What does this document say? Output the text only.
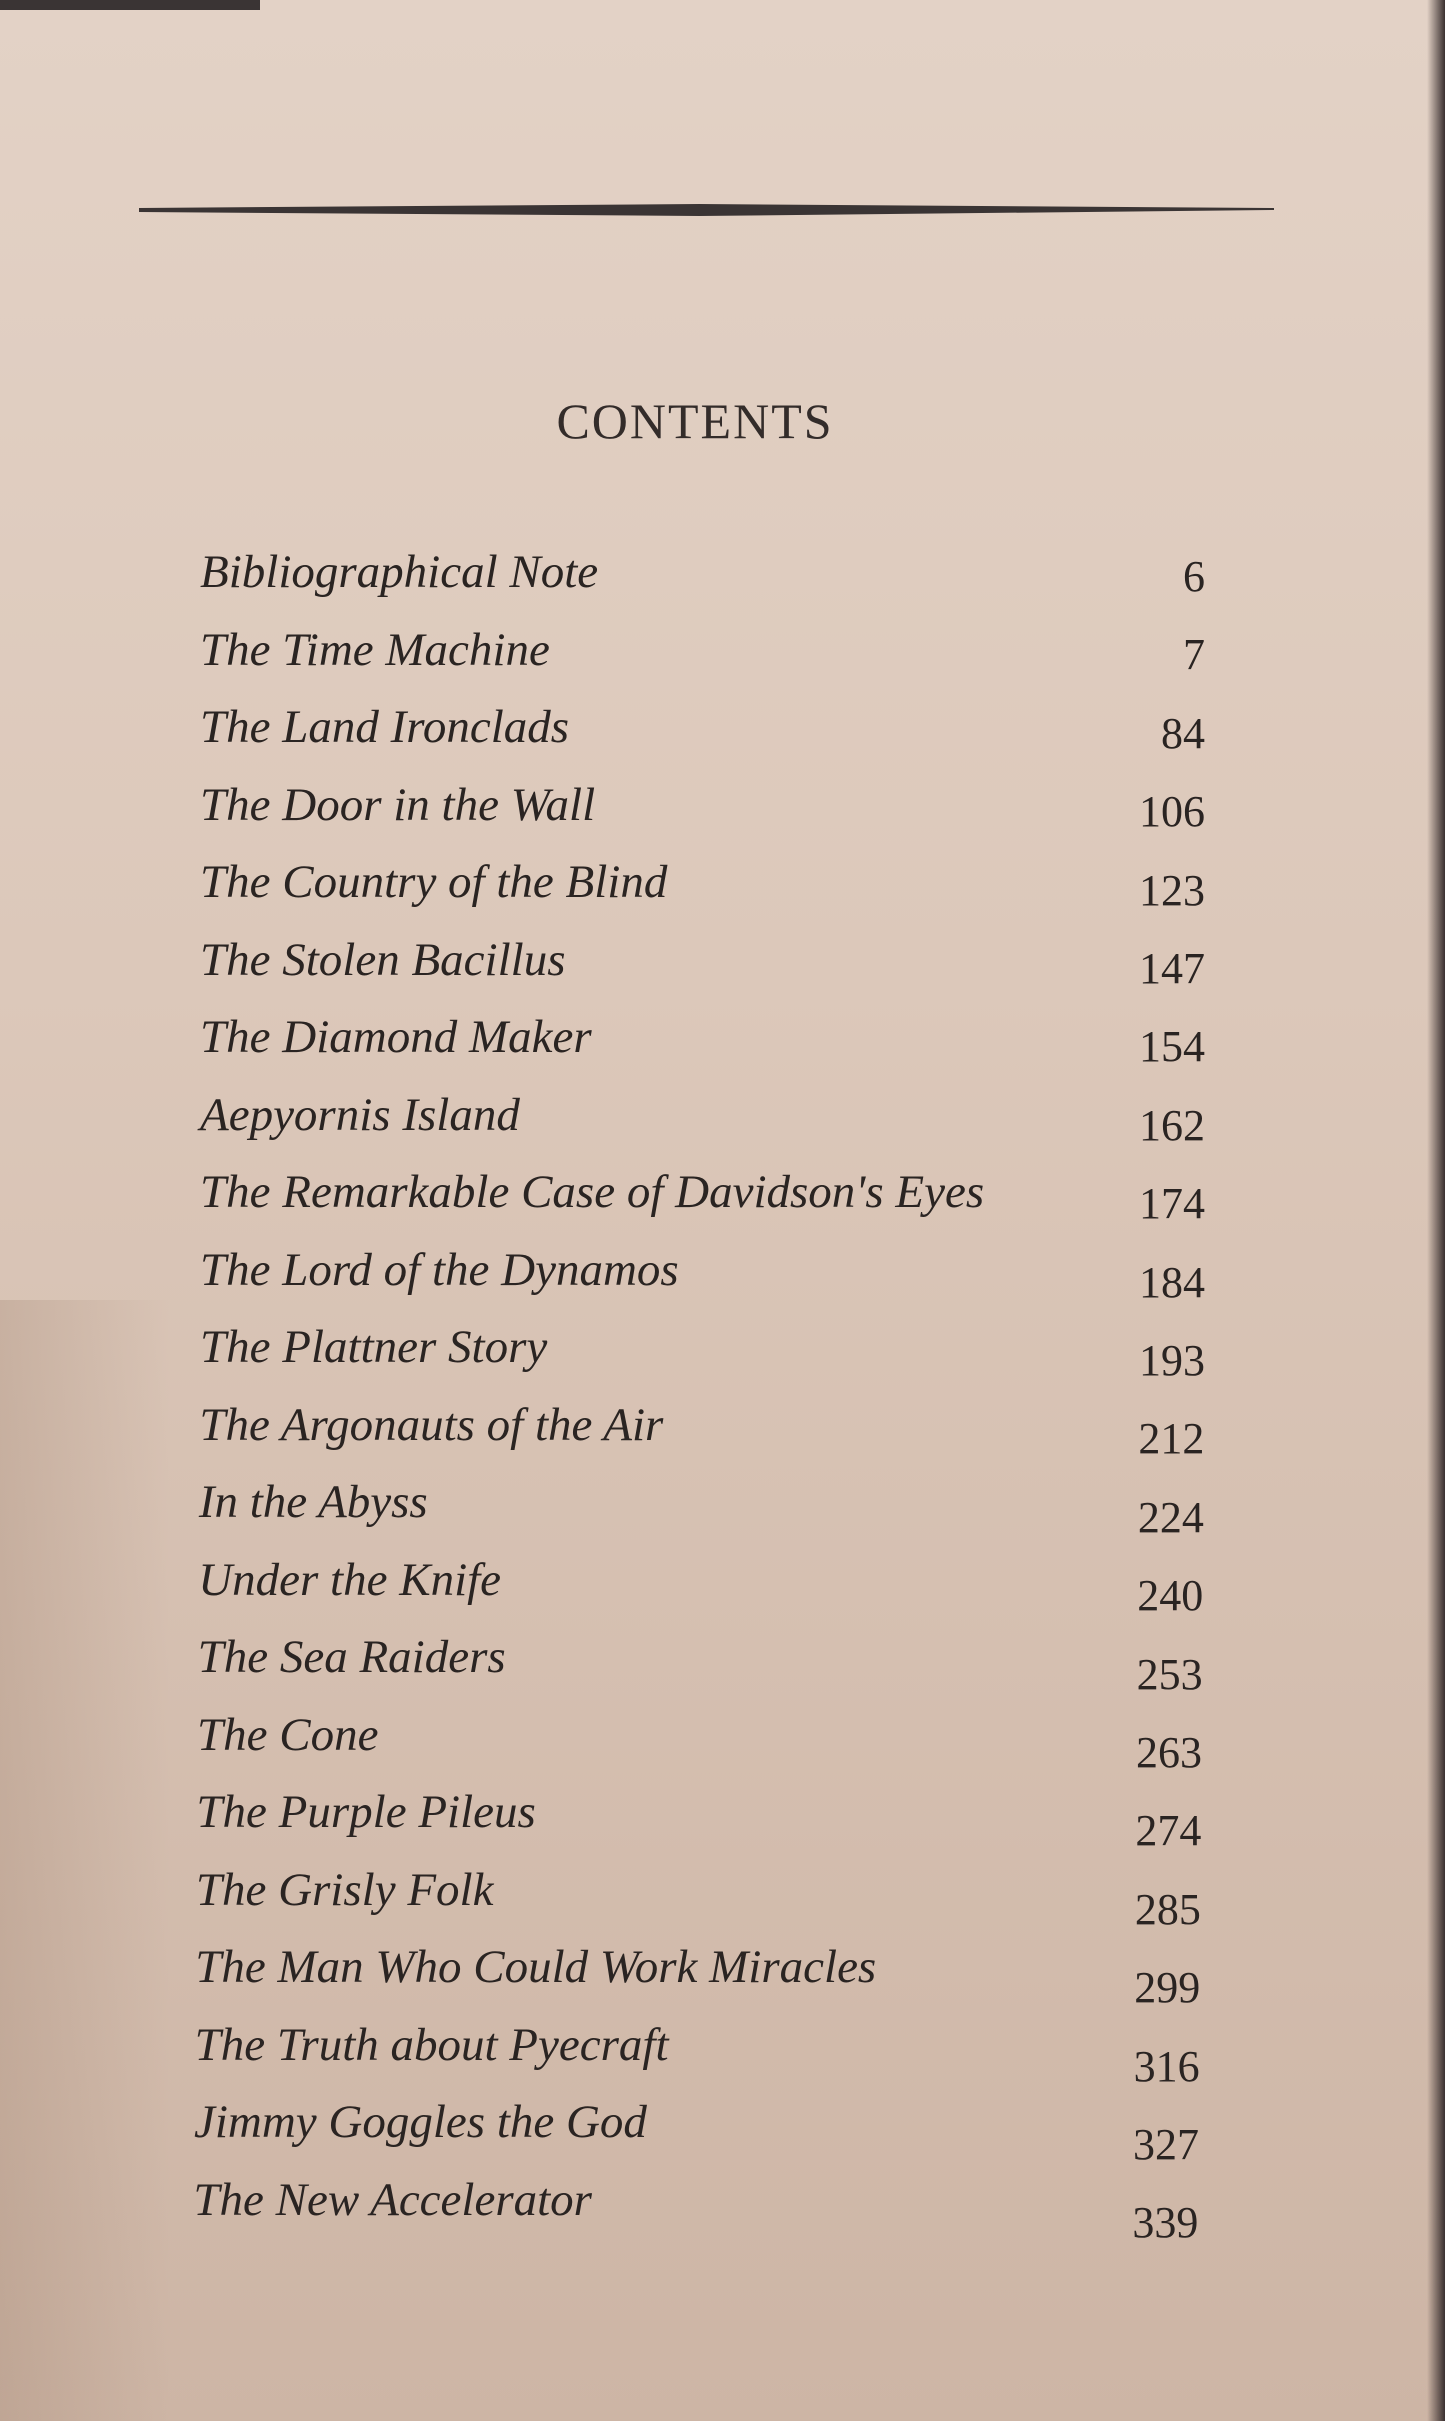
CONTENTS
Bibliographical Note	6
The Time Machine	7
The Land Ironclads	84
The Door in the Wall	106
The Country of the Blind	123
The Stolen Bacillus	147
The Diamond Maker	154
Aepyornis Island	162
The Remarkable Case of Davidson's Eyes	174
The Lord of the Dynamos	184
The Plattner Story	193
The Argonauts of the Air	212
In the Abyss	224
Under the Knife	240
The Sea Raiders	253
The Cone	263
The Purple Pileus	274
The Grisly Folk	285
The Man Who Could Work Miracles	299
The Truth about Pyecraft	316
Jimmy Goggles the God	327
The New Accelerator	339
